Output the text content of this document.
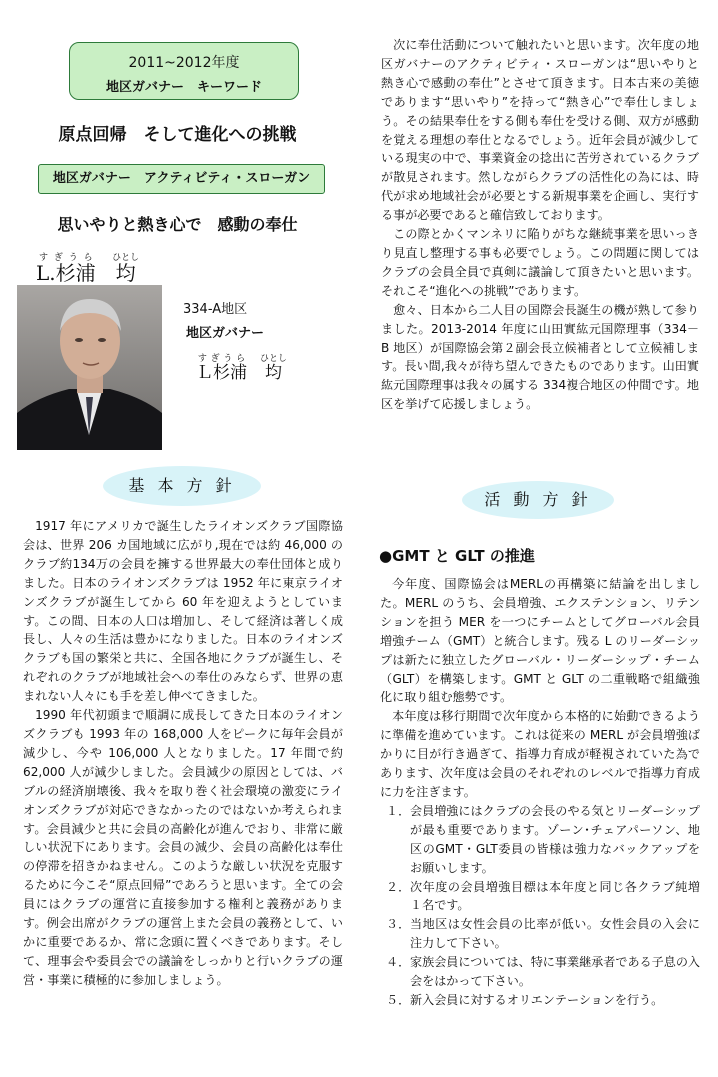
2011~2012年度
地区ガバナー　キーワード
原点回帰　そして進化への挑戦
地区ガバナー　アクティビティ・スローガン
思いやりと熱き心で　感動の奉仕
L.杉浦すぎうら　均ひとし
334-A地区
地区ガバナー
Ｌ杉浦すぎうら　均ひとし
基 本 方 針
活 動 方 針

1917 年にアメリカで誕生したライオンズクラブ国際協会は、世界 206 カ国地域に広がり,現在では約 46,000 のクラブ約134万の会員を擁する世界最大の奉仕団体と成りました。日本のライオンズクラブは 1952 年に東京ライオンズクラブが誕生してから 60 年を迎えようとしています。この間、日本の人口は増加し、そして経済は著しく成長し、人々の生活は豊かになりました。日本のライオンズクラブも国の繁栄と共に、全国各地にクラブが誕生し、それぞれのクラブが地域社会への奉仕のみならず、世界の恵まれない人々にも手を差し伸べてきました。

1990 年代初頭まで順調に成長してきた日本のライオンズクラブも 1993 年の 168,000 人をピークに毎年会員が減少し、今や 106,000 人となりました。17 年間で約 62,000 人が減少しました。会員減少の原因としては、バブルの経済崩壊後、我々を取り巻く社会環境の激変にライオンズクラブが対応できなかったのではないか考えられます。会員減少と共に会員の高齢化が進んでおり、非常に厳しい状況下にあります。会員の減少、会員の高齢化は奉仕の停滞を招きかねません。このような厳しい状況を克服するために今こそ“原点回帰”であろうと思います。全ての会員にはクラブの運営に直接参加する権利と義務があります。例会出席がクラブの運営上また会員の義務として、いかに重要であるか、常に念頭に置くべきであります。そして、理事会や委員会での議論をしっかりと行いクラブの運営・事業に積極的に参加しましょう。

次に奉仕活動について触れたいと思います。次年度の地区ガバナーのアクティビティ・スローガンは“思いやりと熱き心で感動の奉仕”とさせて頂きます。日本古来の美徳であります“思いやり”を持って“熱き心”で奉仕しましょう。その結果奉仕をする側も奉仕を受ける側、双方が感動を覚える理想の奉仕となるでしょう。近年会員が減少している現実の中で、事業資金の捻出に苦労されているクラブが散見されます。然しながらクラブの活性化の為には、時代が求め地域社会が必要とする新規事業を企画し、実行する事が必要であると確信致しております。

この際とかくマンネリに陥りがちな継続事業を思いっきり見直し整理する事も必要でしょう。この問題に関してはクラブの会員全員で真剣に議論して頂きたいと思います。それこそ“進化への挑戦”であります。

愈々、日本から二人目の国際会長誕生の機が熟して参りました。2013-2014 年度に山田實紘元国際理事（334－B 地区）が国際協会第２副会長立候補者として立候補します。長い間,我々が待ち望んできたものであります。山田實紘元国際理事は我々の属する 334複合地区の仲間です。地区を挙げて応援しましょう。

●GMT と GLT の推進

今年度、国際協会はMERLの再構築に結論を出しました。MERL のうち、会員増強、エクステンション、リテンションを担う MER を一つにチームとしてグローバル会員増強チーム（GMT）と統合します。残る L のリーダーシップは新たに独立したグローバル・リーダーシップ・チーム（GLT）を構築します。GMT と GLT の二重戦略で組織強化に取り組む態勢です。

本年度は移行期間で次年度から本格的に始動できるように準備を進めています。これは従来の MERL が会員増強ばかりに目が行き過ぎて、指導力育成が軽視されていた為であります、次年度は会員のそれぞれのレベルで指導力育成に力を注ぎます。

１． 会員増強にはクラブの会長のやる気とリーダーシップが最も重要であります。ゾーン･チェアパーソン、地区のGMT・GLT委員の皆様は強力なバックアップをお願いします。
２． 次年度の会員増強目標は本年度と同じ各クラブ純増１名です。
３． 当地区は女性会員の比率が低い。女性会員の入会に注力して下さい。
４． 家族会員については、特に事業継承者である子息の入会をはかって下さい。
５． 新入会員に対するオリエンテーションを行う。
